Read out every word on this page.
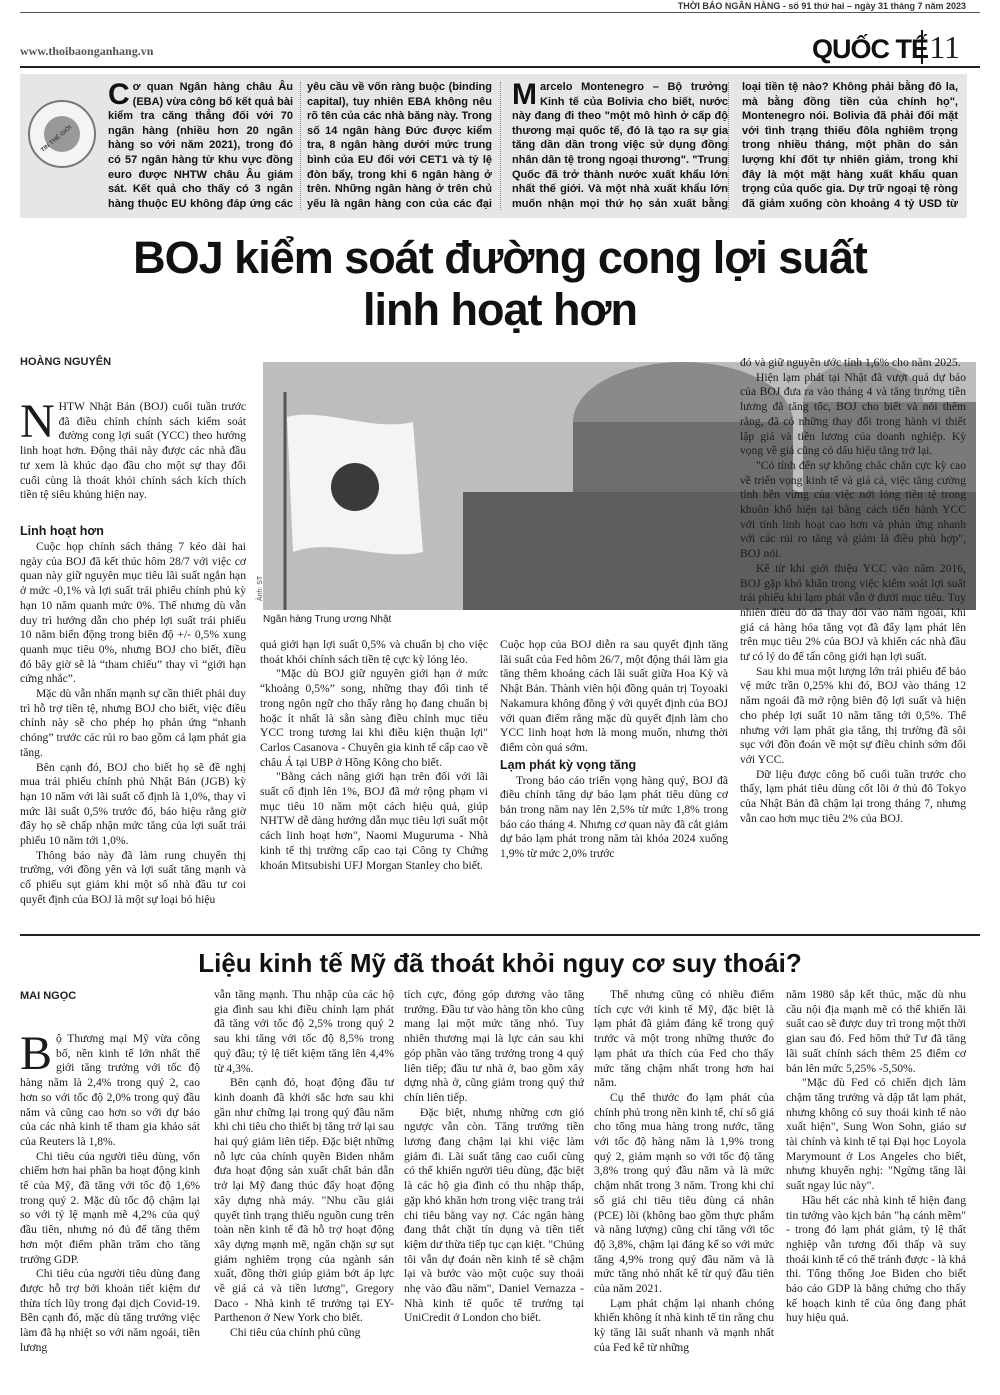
THỜI BÁO NGÂN HÀNG - số 91 thứ hai – ngày 31 tháng 7 năm 2023
www.thoibaonganhang.vn	QUỐC TẾ 11
TIN THẾ GIỚI
Cơ quan Ngân hàng châu Âu (EBA) vừa công bố kết quả bài kiểm tra căng thẳng đối với 70 ngân hàng (nhiều hơn 20 ngân hàng so với năm 2021), trong đó có 57 ngân hàng từ khu vực đồng euro được NHTW châu Âu giám sát. Kết quả cho thấy có 3 ngân hàng thuộc EU không đáp ứng các yêu cầu về vốn ràng buộc (binding capital), tuy nhiên EBA không nêu rõ tên của các nhà băng này. Trong số 14 ngân hàng Đức được kiểm tra, 8 ngân hàng dưới mức trung bình của EU đối với CET1 và tỷ lệ đòn bẩy, trong khi 6 ngân hàng ở trên. Những ngân hàng ở trên chủ yếu là ngân hàng con của các đại
Marcelo Montenegro – Bộ trưởng Kinh tế của Bolivia cho biết, nước này đang đi theo "một mô hình ở cấp độ thương mại quốc tế, đó là tạo ra sự gia tăng dần dần trong việc sử dụng đồng nhân dân tệ trong ngoại thương". "Trung Quốc đã trở thành nước xuất khẩu lớn nhất thế giới. Và một nhà xuất khẩu lớn muốn nhận mọi thứ họ sản xuất bằng loại tiền tệ nào? Không phải bằng đô la, mà bằng đồng tiền của chính họ", Montenegro nói. Bolivia đã phải đối mặt với tình trạng thiếu đôla nghiêm trọng trong nhiều tháng, một phần do sản lượng khí đốt tự nhiên giảm, trong khi đây là một mặt hàng xuất khẩu quan trọng của quốc gia. Dự trữ ngoại tệ ròng đã giảm xuống còn khoảng 4 tỷ USD từ
BOJ kiểm soát đường cong lợi suất
linh hoạt hơn
HOÀNG NGUYÊN

NHTW Nhật Bản (BOJ) cuối tuần trước đã điều chỉnh chính sách kiểm soát đường cong lợi suất (YCC) theo hướng linh hoạt hơn. Động thái này được các nhà đầu tư xem là khúc dạo đầu cho một sự thay đổi cuối cùng là thoát khỏi chính sách kích thích tiền tệ siêu khủng hiện nay.

Ngân hàng Trung ương Nhật
Ảnh: ST

Linh hoạt hơn

Cuộc họp chính sách tháng 7 kéo dài hai ngày của BOJ đã kết thúc hôm 28/7 với việc cơ quan này giữ nguyên mục tiêu lãi suất ngắn hạn ở mức -0,1% và lợi suất trái phiếu chính phủ kỳ hạn 10 năm quanh mức 0%. Thế nhưng dù vẫn duy trì hướng dẫn cho phép lợi suất trái phiếu 10 năm biến động trong biên độ +/- 0,5% xung quanh mục tiêu 0%, nhưng BOJ cho biết, điều đó bây giờ sẽ là “tham chiếu” thay vì “giới hạn cứng nhắc”.

Mặc dù vẫn nhấn mạnh sự cần thiết phải duy trì hỗ trợ tiền tệ, nhưng BOJ cho biết, việc điều chỉnh này sẽ cho phép họ phản ứng “nhanh chóng” trước các rủi ro bao gồm cả lạm phát gia tăng.

Bên cạnh đó, BOJ cho biết họ sẽ đề nghị mua trái phiếu chính phủ Nhật Bản (JGB) kỳ hạn 10 năm với lãi suất cố định là 1,0%, thay vì mức lãi suất 0,5% trước đó, báo hiệu rằng giờ đây họ sẽ chấp nhận mức tăng của lợi suất trái phiếu 10 năm tới 1,0%.

Thông báo này đã làm rung chuyển thị trường, với đồng yên và lợi suất tăng mạnh và cổ phiếu sụt giảm khi một số nhà đầu tư coi quyết định của BOJ là một sự loại bỏ hiệu

quả giới hạn lợi suất 0,5% và chuẩn bị cho việc thoát khỏi chính sách tiền tệ cực kỳ lỏng lẻo.

"Mặc dù BOJ giữ nguyên giới hạn ở mức “khoảng 0,5%” song, những thay đổi tinh tế trong ngôn ngữ cho thấy rằng họ đang chuẩn bị hoặc ít nhất là sẵn sàng điều chỉnh mục tiêu YCC trong tương lai khi điều kiện thuận lợi" Carlos Casanova - Chuyên gia kinh tế cấp cao về châu Á tại UBP ở Hồng Kông cho biết.

"Bằng cách nâng giới hạn trên đối với lãi suất cố định lên 1%, BOJ đã mở rộng phạm vi mục tiêu 10 năm một cách hiệu quả, giúp NHTW dễ dàng hướng dẫn mục tiêu lợi suất một cách linh hoạt hơn", Naomi Muguruma - Nhà kinh tế thị trường cấp cao tại Công ty Chứng khoán Mitsubishi UFJ Morgan Stanley cho biết.

Cuộc họp của BOJ diễn ra sau quyết định tăng lãi suất của Fed hôm 26/7, một động thái làm gia tăng thêm khoảng cách lãi suất giữa Hoa Kỳ và Nhật Bản. Thành viên hội đồng quản trị Toyoaki Nakamura không đồng ý với quyết định của BOJ với quan điểm rằng mặc dù quyết định làm cho YCC linh hoạt hơn là mong muốn, nhưng thời điểm còn quá sớm.

Lạm phát kỳ vọng tăng

Trong báo cáo triển vọng hàng quý, BOJ đã điều chỉnh tăng dự báo lạm phát tiêu dùng cơ bản trong năm nay lên 2,5% từ mức 1,8% trong báo cáo tháng 4. Nhưng cơ quan này đã cắt giảm dự báo lạm phát trong năm tài khóa 2024 xuống 1,9% từ mức 2,0% trước

đó và giữ nguyên ước tính 1,6% cho năm 2025.

Hiện lạm phát tại Nhật đã vượt quá dự báo của BOJ đưa ra vào tháng 4 và tăng trưởng tiền lương đã tăng tốc, BOJ cho biết và nói thêm rằng, đã có những thay đổi trong hành vi thiết lập giá và tiền lương của doanh nghiệp. Kỳ vọng về giá cũng có dấu hiệu tăng trở lại.

"Có tính đến sự không chắc chắn cực kỳ cao về triển vọng kinh tế và giá cả, việc tăng cường tính bền vững của việc nới lỏng tiền tệ trong khuôn khổ hiện tại bằng cách tiến hành YCC với tính linh hoạt cao hơn và phản ứng nhanh với các rủi ro tăng và giảm là điều phù hợp", BOJ nói.

Kể từ khi giới thiệu YCC vào năm 2016, BOJ gặp khó khăn trong việc kiểm soát lợi suất trái phiếu khi lạm phát vẫn ở dưới mục tiêu. Tuy nhiên điều đó đã thay đổi vào năm ngoái, khi giá cả hàng hóa tăng vọt đã đẩy lạm phát lên trên mục tiêu 2% của BOJ và khiến các nhà đầu tư có lý do để tấn công giới hạn lợi suất.

Sau khi mua một lượng lớn trái phiếu để bảo vệ mức trần 0,25% khi đó, BOJ vào tháng 12 năm ngoái đã mở rộng biên độ lợi suất và hiện cho phép lợi suất 10 năm tăng tới 0,5%. Thế nhưng với lạm phát gia tăng, thị trường đã sôi sục với đồn đoán về một sự điều chỉnh sớm đối với YCC.

Dữ liệu được công bố cuối tuần trước cho thấy, lạm phát tiêu dùng cốt lõi ở thủ đô Tokyo của Nhật Bản đã chậm lại trong tháng 7, nhưng vẫn cao hơn mục tiêu 2% của BOJ.

Liệu kinh tế Mỹ đã thoát khỏi nguy cơ suy thoái?
MAI NGỌC

Bộ Thương mại Mỹ vừa công bố, nền kinh tế lớn nhất thế giới tăng trưởng với tốc độ hàng năm là 2,4% trong quý 2, cao hơn so với tốc độ 2,0% trong quý đầu năm và cũng cao hơn so với dự báo của các nhà kinh tế tham gia khảo sát của Reuters là 1,8%.

Chi tiêu của người tiêu dùng, vốn chiếm hơn hai phần ba hoạt động kinh tế của Mỹ, đã tăng với tốc độ 1,6% trong quý 2. Mặc dù tốc độ chậm lại so với tỷ lệ mạnh mẽ 4,2% của quý đầu tiên, nhưng nó đủ để tăng thêm hơn một điểm phần trăm cho tăng trưởng GDP.

Chi tiêu của người tiêu dùng đang được hỗ trợ bởi khoản tiết kiệm dư thừa tích lũy trong đại dịch Covid-19. Bên cạnh đó, mặc dù tăng trưởng việc làm đã hạ nhiệt so với năm ngoái, tiền lương

vẫn tăng mạnh. Thu nhập của các hộ gia đình sau khi điều chỉnh lạm phát đã tăng với tốc độ 2,5% trong quý 2 sau khi tăng với tốc độ 8,5% trong quý đầu; tỷ lệ tiết kiệm tăng lên 4,4% từ 4,3%.

Bên cạnh đó, hoạt động đầu tư kinh doanh đã khởi sắc hơn sau khi gần như chững lại trong quý đầu năm khi chi tiêu cho thiết bị tăng trở lại sau hai quý giảm liên tiếp. Đặc biệt những nỗ lực của chính quyền Biden nhằm đưa hoạt động sản xuất chất bán dẫn trở lại Mỹ đang thúc đẩy hoạt động xây dựng nhà máy. "Nhu cầu giải quyết tình trạng thiếu nguồn cung trên toàn nền kinh tế đã hỗ trợ hoạt động xây dựng mạnh mẽ, ngăn chặn sự sụt giảm nghiêm trọng của ngành sản xuất, đồng thời giúp giảm bớt áp lực về giá cả và tiền lương", Gregory Daco - Nhà kinh tế trưởng tại EY-Parthenon ở New York cho biết.

Chi tiêu của chính phủ cũng

tích cực, đóng góp dương vào tăng trưởng. Đầu tư vào hàng tồn kho cũng mang lại một mức tăng nhỏ. Tuy nhiên thương mại là lực cản sau khi góp phần vào tăng trưởng trong 4 quý liên tiếp; đầu tư nhà ở, bao gồm xây dựng nhà ở, cũng giảm trong quý thứ chín liên tiếp.

Đặc biệt, nhưng những cơn gió ngược vẫn còn. Tăng trưởng tiền lương đang chậm lại khi việc làm giảm đi. Lãi suất tăng cao cuối cùng có thể khiến người tiêu dùng, đặc biệt là các hộ gia đình có thu nhập thấp, gặp khó khăn hơn trong việc trang trải chi tiêu bằng vay nợ. Các ngân hàng đang thắt chặt tín dụng và tiền tiết kiệm dư thừa tiếp tục cạn kiệt. "Chúng tôi vẫn dự đoán nền kinh tế sẽ chậm lại và bước vào một cuộc suy thoái nhẹ vào đầu năm", Daniel Vernazza - Nhà kinh tế quốc tế trưởng tại UniCredit ở London cho biết.

Thế nhưng cũng có nhiều điểm tích cực với kinh tế Mỹ, đặc biệt là lạm phát đã giảm đáng kể trong quý trước và một trong những thước đo lạm phát ưa thích của Fed cho thấy mức tăng chậm nhất trong hơn hai năm.

Cụ thể thước đo lạm phát của chính phủ trong nền kinh tế, chỉ số giá cho tổng mua hàng trong nước, tăng với tốc độ hàng năm là 1,9% trong quý 2, giảm mạnh so với tốc độ tăng 3,8% trong quý đầu năm và là mức chậm nhất trong 3 năm. Trong khi chỉ số giá chi tiêu tiêu dùng cá nhân (PCE) lõi (không bao gồm thực phẩm và năng lượng) cũng chỉ tăng với tốc độ 3,8%, chậm lại đáng kể so với mức tăng 4,9% trong quý đầu năm và là mức tăng nhỏ nhất kể từ quý đầu tiên của năm 2021.

Lạm phát chậm lại nhanh chóng khiến không ít nhà kinh tế tin rằng chu kỳ tăng lãi suất nhanh và mạnh nhất của Fed kể từ những

năm 1980 sắp kết thúc, mặc dù nhu cầu nội địa mạnh mẽ có thể khiến lãi suất cao sẽ được duy trì trong một thời gian sau đó. Fed hôm thứ Tư đã tăng lãi suất chính sách thêm 25 điểm cơ bản lên mức 5,25% -5,50%.

"Mặc dù Fed có chiến dịch làm chậm tăng trưởng và dập tắt lạm phát, nhưng không có suy thoái kinh tế nào xuất hiện", Sung Won Sohn, giáo sư tài chính và kinh tế tại Đại học Loyola Marymount ở Los Angeles cho biết, nhưng khuyến nghị: "Ngừng tăng lãi suất ngay lúc này".

Hầu hết các nhà kinh tế hiện đang tin tưởng vào kịch bản "hạ cánh mềm" - trong đó lạm phát giảm, tỷ lệ thất nghiệp vẫn tương đối thấp và suy thoái kinh tế có thể tránh được - là khả thi. Tổng thống Joe Biden cho biết báo cáo GDP là bằng chứng cho thấy kế hoạch kinh tế của ông đang phát huy hiệu quả.
